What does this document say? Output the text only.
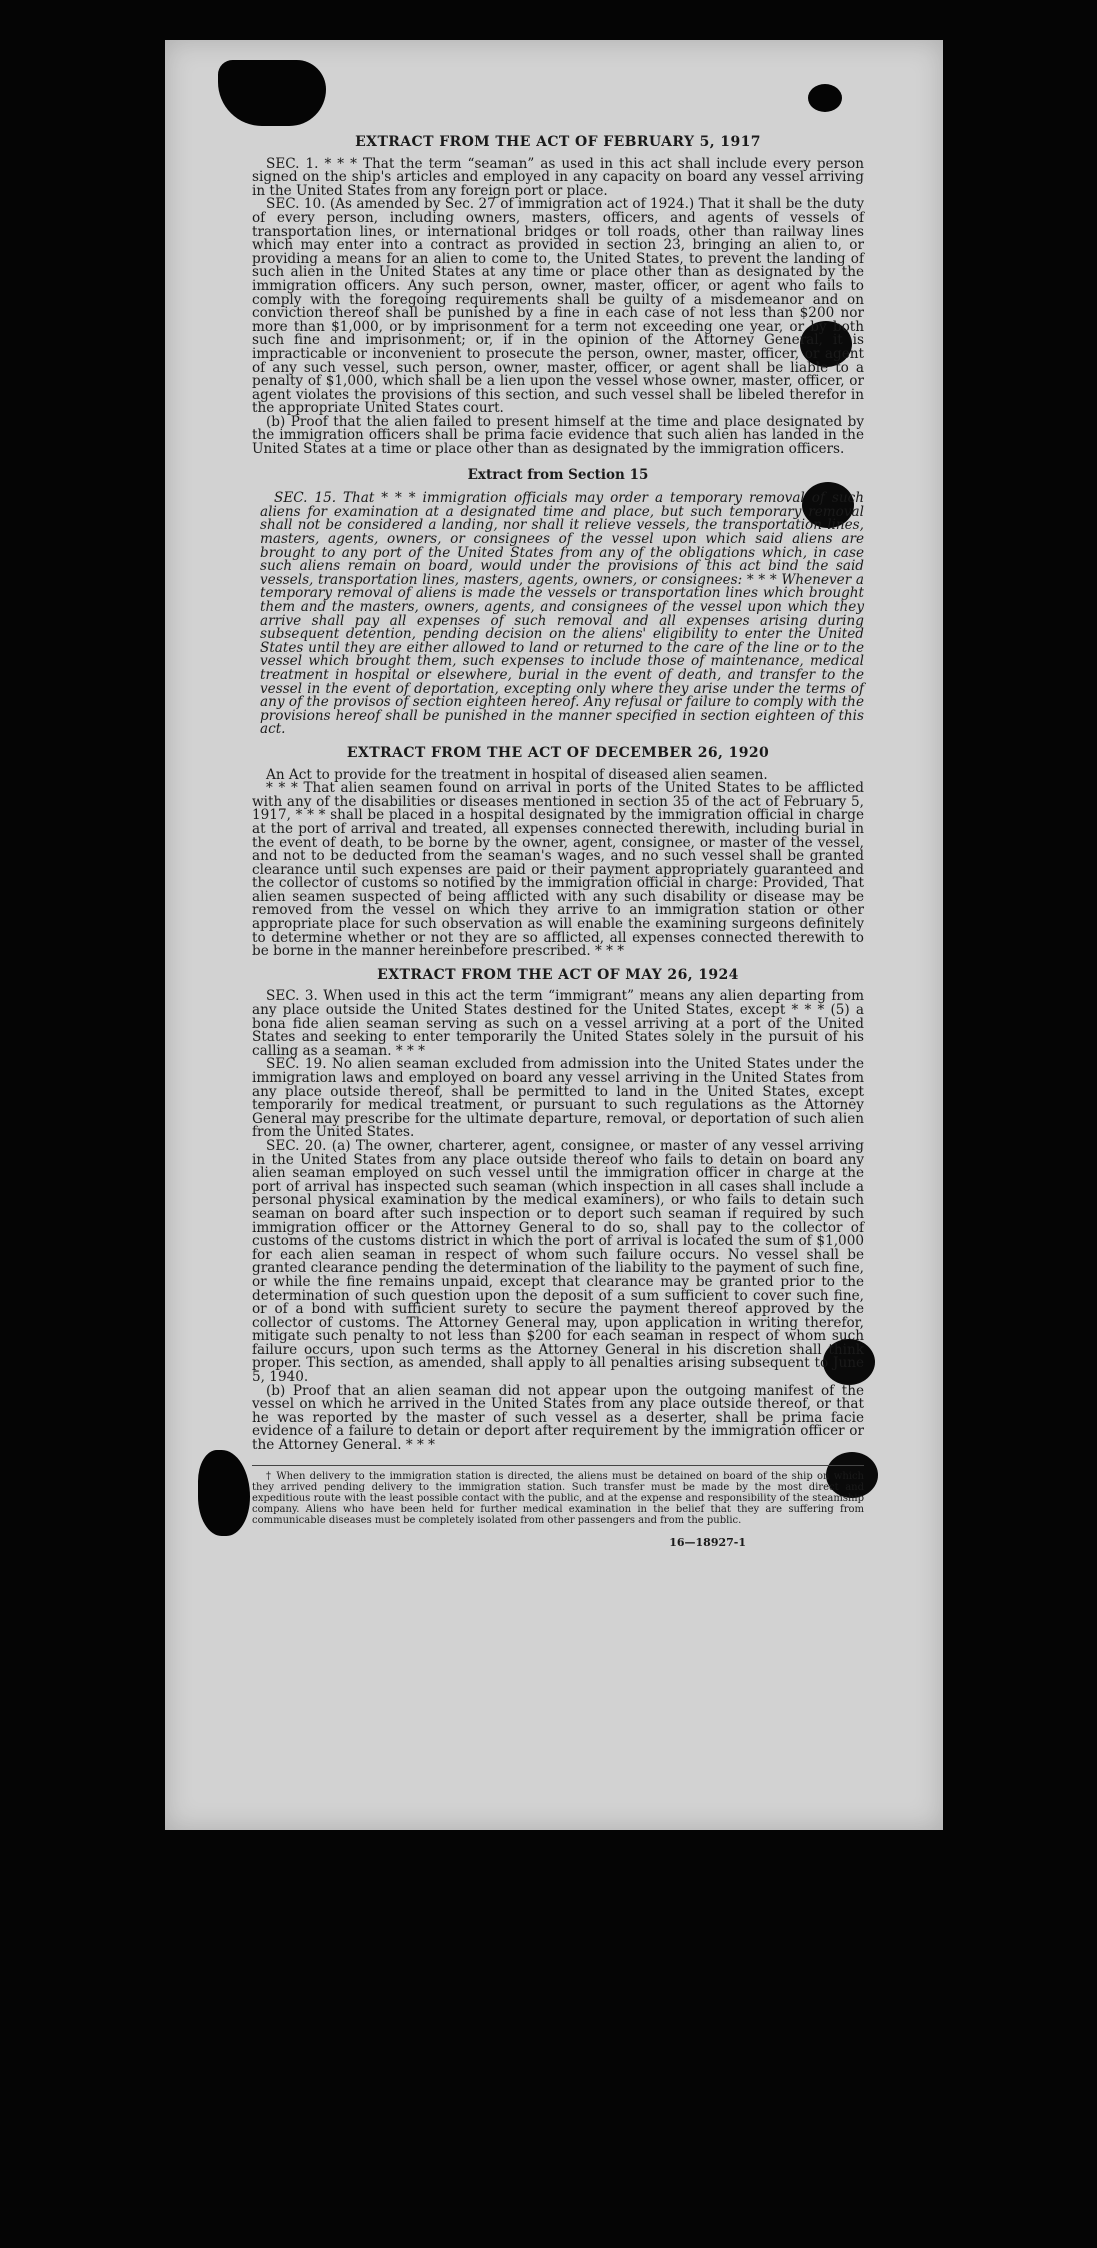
EXTRACT FROM THE ACT OF FEBRUARY 5, 1917

SEC. 1. * * * That the term “seaman” as used in this act shall include every person signed on the ship's articles and employed in any capacity on board any vessel arriving in the United States from any foreign port or place.

SEC. 10. (As amended by Sec. 27 of immigration act of 1924.) That it shall be the duty of every person, including owners, masters, officers, and agents of vessels of transportation lines, or international bridges or toll roads, other than railway lines which may enter into a contract as provided in section 23, bringing an alien to, or providing a means for an alien to come to, the United States, to prevent the landing of such alien in the United States at any time or place other than as designated by the immigration officers. Any such person, owner, master, officer, or agent who fails to comply with the foregoing requirements shall be guilty of a misdemeanor and on conviction thereof shall be punished by a fine in each case of not less than $200 nor more than $1,000, or by imprisonment for a term not exceeding one year, or by both such fine and imprisonment; or, if in the opinion of the Attorney General, it is impracticable or inconvenient to prosecute the person, owner, master, officer, or agent of any such vessel, such person, owner, master, officer, or agent shall be liable to a penalty of $1,000, which shall be a lien upon the vessel whose owner, master, officer, or agent violates the provisions of this section, and such vessel shall be libeled therefor in the appropriate United States court.

(b) Proof that the alien failed to present himself at the time and place designated by the immigration officers shall be prima facie evidence that such alien has landed in the United States at a time or place other than as designated by the immigration officers.

Extract from Section 15

SEC. 15. That * * * immigration officials may order a temporary removal of such aliens for examination at a designated time and place, but such temporary removal shall not be considered a landing, nor shall it relieve vessels, the transportation lines, masters, agents, owners, or consignees of the vessel upon which said aliens are brought to any port of the United States from any of the obligations which, in case such aliens remain on board, would under the provisions of this act bind the said vessels, transportation lines, masters, agents, owners, or consignees: * * * Whenever a temporary removal of aliens is made the vessels or transportation lines which brought them and the masters, owners, agents, and consignees of the vessel upon which they arrive shall pay all expenses of such removal and all expenses arising during subsequent detention, pending decision on the aliens' eligibility to enter the United States until they are either allowed to land or returned to the care of the line or to the vessel which brought them, such expenses to include those of maintenance, medical treatment in hospital or elsewhere, burial in the event of death, and transfer to the vessel in the event of deportation, excepting only where they arise under the terms of any of the provisos of section eighteen hereof. Any refusal or failure to comply with the provisions hereof shall be punished in the manner specified in section eighteen of this act.

EXTRACT FROM THE ACT OF DECEMBER 26, 1920

An Act to provide for the treatment in hospital of diseased alien seamen.

* * * That alien seamen found on arrival in ports of the United States to be afflicted with any of the disabilities or diseases mentioned in section 35 of the act of February 5, 1917, * * * shall be placed in a hospital designated by the immigration official in charge at the port of arrival and treated, all expenses connected therewith, including burial in the event of death, to be borne by the owner, agent, consignee, or master of the vessel, and not to be deducted from the seaman's wages, and no such vessel shall be granted clearance until such expenses are paid or their payment appropriately guaranteed and the collector of customs so notified by the immigration official in charge: Provided, That alien seamen suspected of being afflicted with any such disability or disease may be removed from the vessel on which they arrive to an immigration station or other appropriate place for such observation as will enable the examining surgeons definitely to determine whether or not they are so afflicted, all expenses connected therewith to be borne in the manner hereinbefore prescribed. * * *

EXTRACT FROM THE ACT OF MAY 26, 1924

SEC. 3. When used in this act the term “immigrant” means any alien departing from any place outside the United States destined for the United States, except * * * (5) a bona fide alien seaman serving as such on a vessel arriving at a port of the United States and seeking to enter temporarily the United States solely in the pursuit of his calling as a seaman. * * *

SEC. 19. No alien seaman excluded from admission into the United States under the immigration laws and employed on board any vessel arriving in the United States from any place outside thereof, shall be permitted to land in the United States, except temporarily for medical treatment, or pursuant to such regulations as the Attorney General may prescribe for the ultimate departure, removal, or deportation of such alien from the United States.

SEC. 20. (a) The owner, charterer, agent, consignee, or master of any vessel arriving in the United States from any place outside thereof who fails to detain on board any alien seaman employed on such vessel until the immigration officer in charge at the port of arrival has inspected such seaman (which inspection in all cases shall include a personal physical examination by the medical examiners), or who fails to detain such seaman on board after such inspection or to deport such seaman if required by such immigration officer or the Attorney General to do so, shall pay to the collector of customs of the customs district in which the port of arrival is located the sum of $1,000 for each alien seaman in respect of whom such failure occurs. No vessel shall be granted clearance pending the determination of the liability to the payment of such fine, or while the fine remains unpaid, except that clearance may be granted prior to the determination of such question upon the deposit of a sum sufficient to cover such fine, or of a bond with sufficient surety to secure the payment thereof approved by the collector of customs. The Attorney General may, upon application in writing therefor, mitigate such penalty to not less than $200 for each seaman in respect of whom such failure occurs, upon such terms as the Attorney General in his discretion shall think proper. This section, as amended, shall apply to all penalties arising subsequent to June 5, 1940.

(b) Proof that an alien seaman did not appear upon the outgoing manifest of the vessel on which he arrived in the United States from any place outside thereof, or that he was reported by the master of such vessel as a deserter, shall be prima facie evidence of a failure to detain or deport after requirement by the immigration officer or the Attorney General. * * *

† When delivery to the immigration station is directed, the aliens must be detained on board of the ship on which they arrived pending delivery to the immigration station. Such transfer must be made by the most direct and expeditious route with the least possible contact with the public, and at the expense and responsibility of the steamship company. Aliens who have been held for further medical examination in the belief that they are suffering from communicable diseases must be completely isolated from other passengers and from the public.

16—18927-1
